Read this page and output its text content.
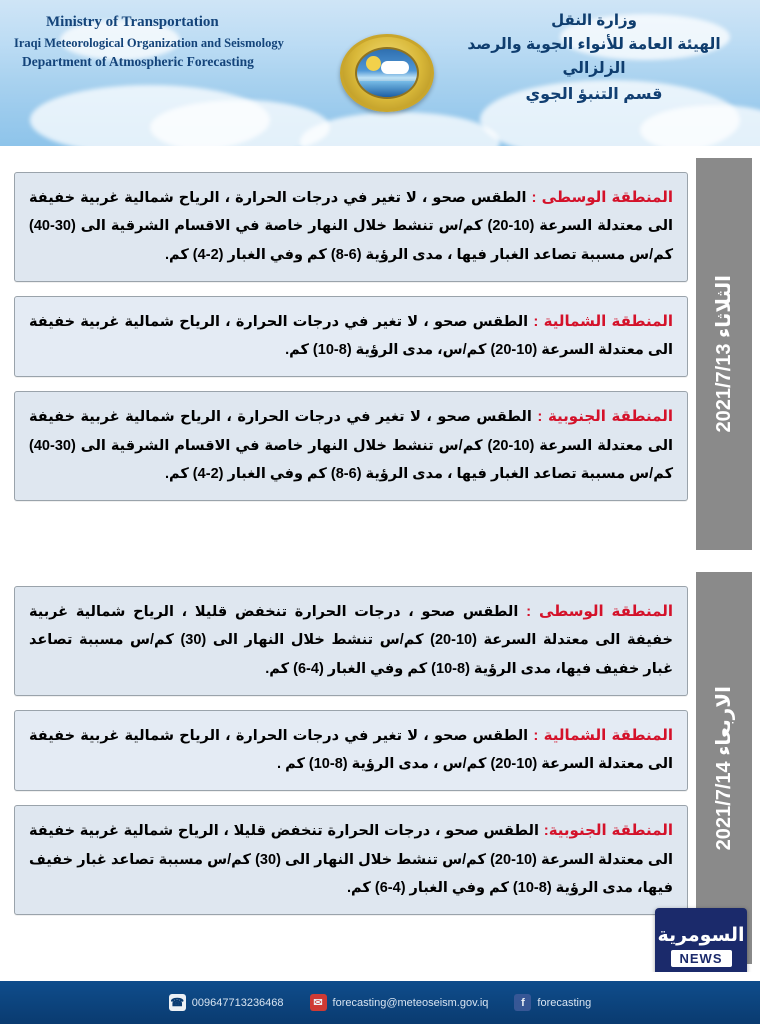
Ministry of Transportation
Iraqi Meteorological Organization and Seismology
Department of Atmospheric Forecasting
وزارة النقل
الهيئة العامة للأنواء الجوية والرصد الزلزالي
قسم التنبؤ الجوي
الثلاثاء 2021/7/13

المنطقة الوسطى : الطقس صحو ، لا تغير في درجات الحرارة ، الرياح شمالية غربية خفيفة الى معتدلة السرعة (10-20) كم/س تنشط خلال النهار خاصة في الاقسام الشرقية الى (30-40) كم/س مسببة تصاعد الغبار فيها ، مدى الرؤية (6-8) كم وفي الغبار (2-4) كم.

المنطقة الشمالية : الطقس صحو ، لا تغير في درجات الحرارة ، الرياح شمالية غربية خفيفة الى معتدلة السرعة (10-20) كم/س، مدى الرؤية (8-10) كم.

المنطقة الجنوبية : الطقس صحو ، لا تغير في درجات الحرارة ، الرياح شمالية غربية خفيفة الى معتدلة السرعة (10-20) كم/س تنشط خلال النهار خاصة في الاقسام الشرقية الى (30-40) كم/س مسببة تصاعد الغبار فيها ، مدى الرؤية (6-8) كم وفي الغبار (2-4) كم.

الاربعاء 2021/7/14

المنطقة الوسطى : الطقس صحو ، درجات الحرارة تنخفض قليلا ، الرياح شمالية غربية خفيفة الى معتدلة السرعة (10-20) كم/س تنشط خلال النهار الى (30) كم/س مسببة تصاعد غبار خفيف فيها، مدى الرؤية (8-10) كم وفي الغبار (4-6) كم.

المنطقة الشمالية : الطقس صحو ، لا تغير في درجات الحرارة ، الرياح شمالية غربية خفيفة الى معتدلة السرعة (10-20) كم/س ، مدى الرؤية (8-10) كم .

المنطقة الجنوبية: الطقس صحو ، درجات الحرارة تنخفض قليلا ، الرياح شمالية غربية خفيفة الى معتدلة السرعة (10-20) كم/س تنشط خلال النهار الى (30) كم/س مسببة تصاعد غبار خفيف فيها، مدى الرؤية (8-10) كم وفي الغبار (4-6) كم.

السومرية
NEWS
☎ 009647713236468	✉ forecasting@meteoseism.gov.iq	f	forecasting
